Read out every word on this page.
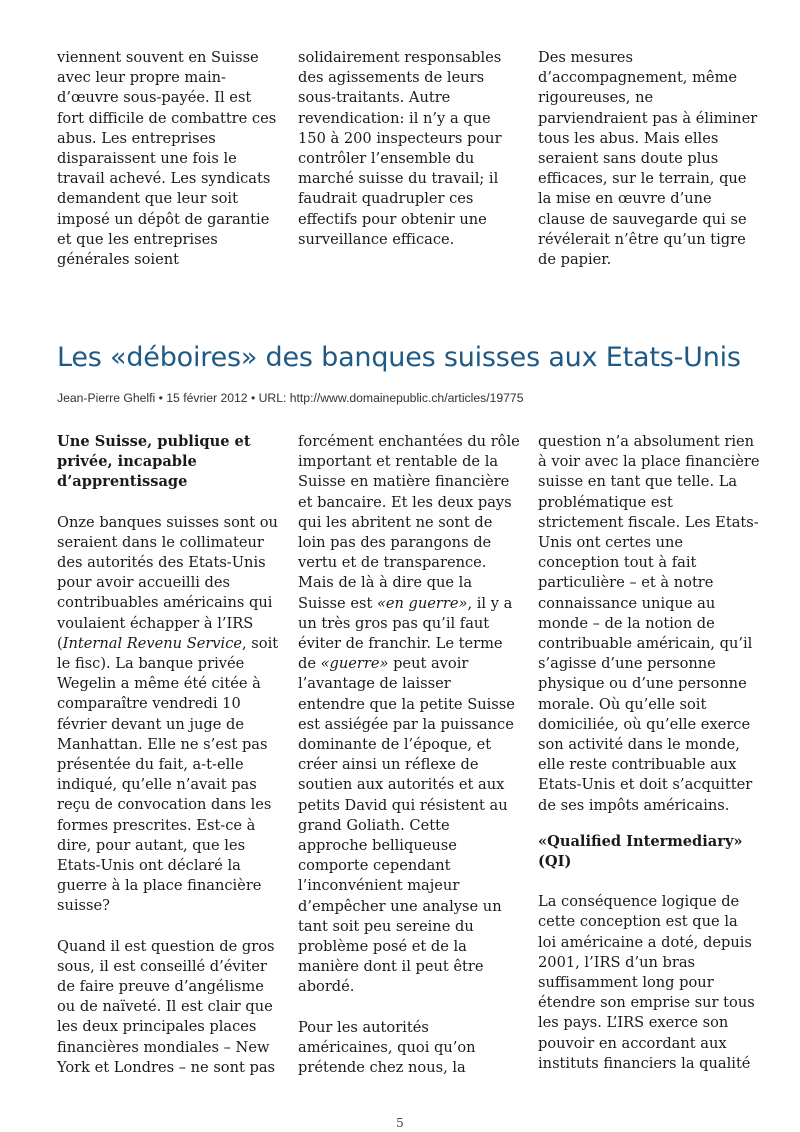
viennent souvent en Suisse avec leur propre main-d’œuvre sous-payée. Il est fort difficile de combattre ces abus. Les entreprises disparaissent une fois le travail achevé. Les syndicats demandent que leur soit imposé un dépôt de garantie et que les entreprises générales soient

solidairement responsables des agissements de leurs sous-traitants. Autre revendication: il n’y a que 150 à 200 inspecteurs pour contrôler l’ensemble du marché suisse du travail; il faudrait quadrupler ces effectifs pour obtenir une surveillance efficace.

Des mesures d’accompagnement, même rigoureuses, ne parviendraient pas à éliminer tous les abus. Mais elles seraient sans doute plus efficaces, sur le terrain, que la mise en œuvre d’une clause de sauvegarde qui se révélerait n’être qu’un tigre de papier.

Les «déboires» des banques suisses aux Etats-Unis

Jean-Pierre Ghelfi • 15 février 2012 • URL: http://www.domainepublic.ch/articles/19775

Une Suisse, publique et privée, incapable d’apprentissage

Onze banques suisses sont ou seraient dans le collimateur des autorités des Etats-Unis pour avoir accueilli des contribuables américains qui voulaient échapper à l’IRS (Internal Revenu Service, soit le fisc). La banque privée Wegelin a même été citée à comparaître vendredi 10 février devant un juge de Manhattan. Elle ne s’est pas présentée du fait, a-t-elle indiqué, qu’elle n’avait pas reçu de convocation dans les formes prescrites. Est-ce à dire, pour autant, que les Etats-Unis ont déclaré la guerre à la place financière suisse?

Quand il est question de gros sous, il est conseillé d’éviter de faire preuve d’angélisme ou de naïveté. Il est clair que les deux principales places financières mondiales – New York et Londres – ne sont pas

forcément enchantées du rôle important et rentable de la Suisse en matière financière et bancaire. Et les deux pays qui les abritent ne sont de loin pas des parangons de vertu et de transparence. Mais de là à dire que la Suisse est «en guerre», il y a un très gros pas qu’il faut éviter de franchir. Le terme de «guerre» peut avoir l’avantage de laisser entendre que la petite Suisse est assiégée par la puissance dominante de l’époque, et créer ainsi un réflexe de soutien aux autorités et aux petits David qui résistent au grand Goliath. Cette approche belliqueuse comporte cependant l’inconvénient majeur d’empêcher une analyse un tant soit peu sereine du problème posé et de la manière dont il peut être abordé.

Pour les autorités américaines, quoi qu’on prétende chez nous, la

question n’a absolument rien à voir avec la place financière suisse en tant que telle. La problématique est strictement fiscale. Les Etats-Unis ont certes une conception tout à fait particulière – et à notre connaissance unique au monde – de la notion de contribuable américain, qu’il s’agisse d’une personne physique ou d’une personne morale. Où qu’elle soit domiciliée, où qu’elle exerce son activité dans le monde, elle reste contribuable aux Etats-Unis et doit s’acquitter de ses impôts américains.

«Qualified Intermediary» (QI)

La conséquence logique de cette conception est que la loi américaine a doté, depuis 2001, l’IRS d’un bras suffisamment long pour étendre son emprise sur tous les pays. L’IRS exerce son pouvoir en accordant aux instituts financiers la qualité

5
